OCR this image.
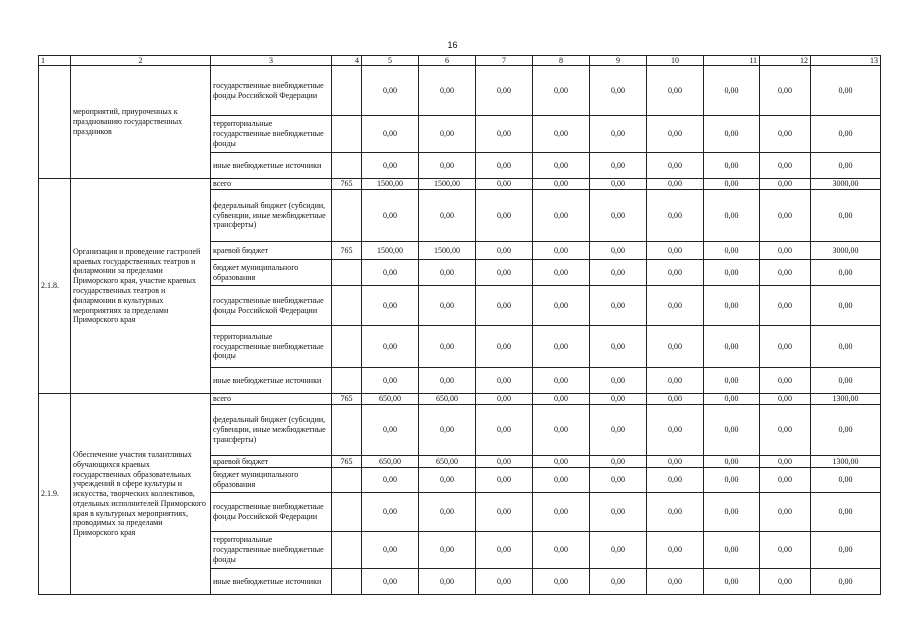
16
1	2	3	4	5	6	7	8	9	10	11	12	13
	мероприятий, приуроченных к празднованию государственных праздников	государственные внебюджетные фонды Российской Федерации		0,00	0,00	0,00	0,00	0,00	0,00	0,00	0,00	0,00
		территориальные государственные внебюджетные фонды		0,00	0,00	0,00	0,00	0,00	0,00	0,00	0,00	0,00
		иные внебюджетные источники		0,00	0,00	0,00	0,00	0,00	0,00	0,00	0,00	0,00
2.1.8.	Организация и проведение гастролей краевых государственных театров и филармонии за пределами Приморского края, участие краевых государственных театров и филармонии в культурных мероприятиях за пределами Приморского края	всего	765	1500,00	1500,00	0,00	0,00	0,00	0,00	0,00	0,00	3000,00
		федеральный бюджет (субсидии, субвенции, иные межбюджетные трансферты)		0,00	0,00	0,00	0,00	0,00	0,00	0,00	0,00	0,00
		краевой бюджет	765	1500,00	1500,00	0,00	0,00	0,00	0,00	0,00	0,00	3000,00
		бюджет муниципального образования		0,00	0,00	0,00	0,00	0,00	0,00	0,00	0,00	0,00
		государственные внебюджетные фонды Российской Федерации		0,00	0,00	0,00	0,00	0,00	0,00	0,00	0,00	0,00
		территориальные государственные внебюджетные фонды		0,00	0,00	0,00	0,00	0,00	0,00	0,00	0,00	0,00
		иные внебюджетные источники		0,00	0,00	0,00	0,00	0,00	0,00	0,00	0,00	0,00
2.1.9.	Обеспечение участия талантливых обучающихся краевых государственных образовательных учреждений в сфере культуры и искусства, творческих коллективов, отдельных исполнителей Приморского края в культурных мероприятиях, проводимых за пределами Приморского края	всего	765	650,00	650,00	0,00	0,00	0,00	0,00	0,00	0,00	1300,00
		федеральный бюджет (субсидии, субвенции, иные межбюджетные трансферты)		0,00	0,00	0,00	0,00	0,00	0,00	0,00	0,00	0,00
		краевой бюджет	765	650,00	650,00	0,00	0,00	0,00	0,00	0,00	0,00	1300,00
		бюджет муниципального образования		0,00	0,00	0,00	0,00	0,00	0,00	0,00	0,00	0,00
		государственные внебюджетные фонды Российской Федерации		0,00	0,00	0,00	0,00	0,00	0,00	0,00	0,00	0,00
		территориальные государственные внебюджетные фонды		0,00	0,00	0,00	0,00	0,00	0,00	0,00	0,00	0,00
		иные внебюджетные источники		0,00	0,00	0,00	0,00	0,00	0,00	0,00	0,00	0,00
